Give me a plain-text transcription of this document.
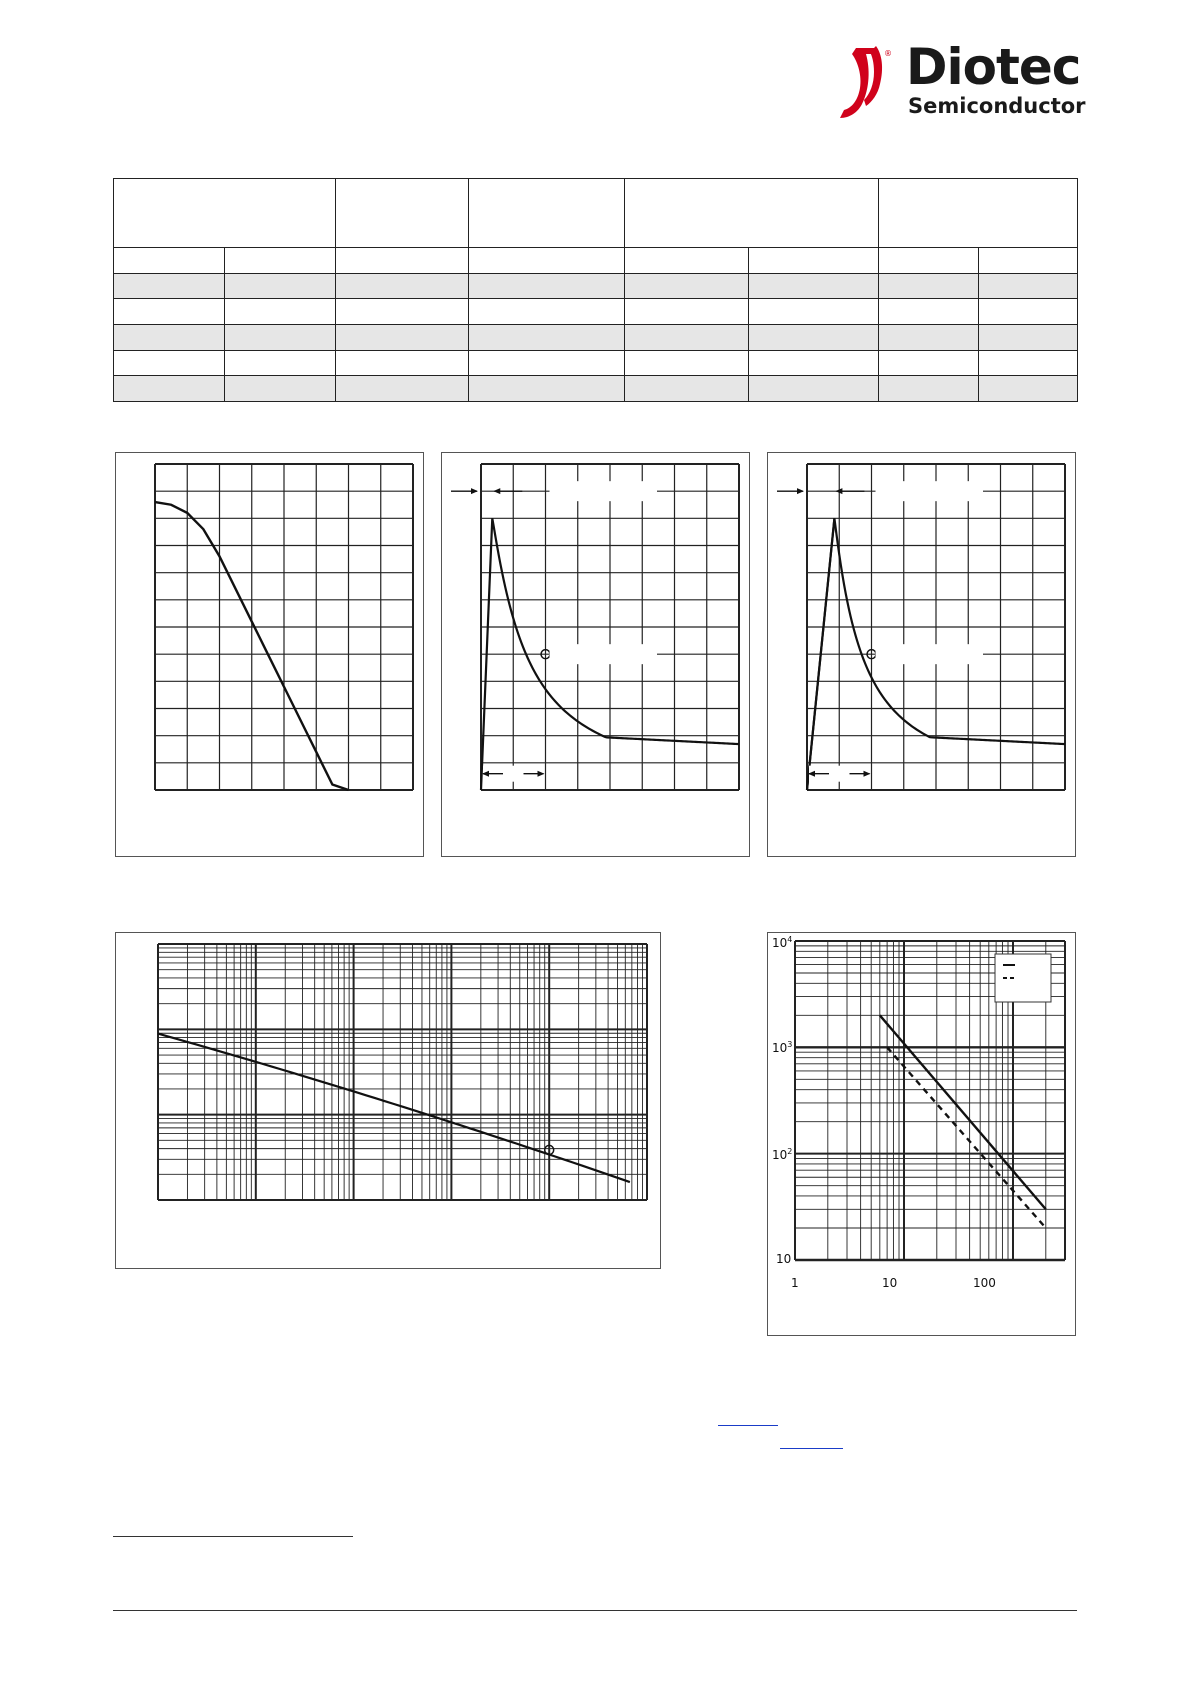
® Diotec
Semiconductor

$10^4$
$10^3$
$10^2$
10
1	10	100
